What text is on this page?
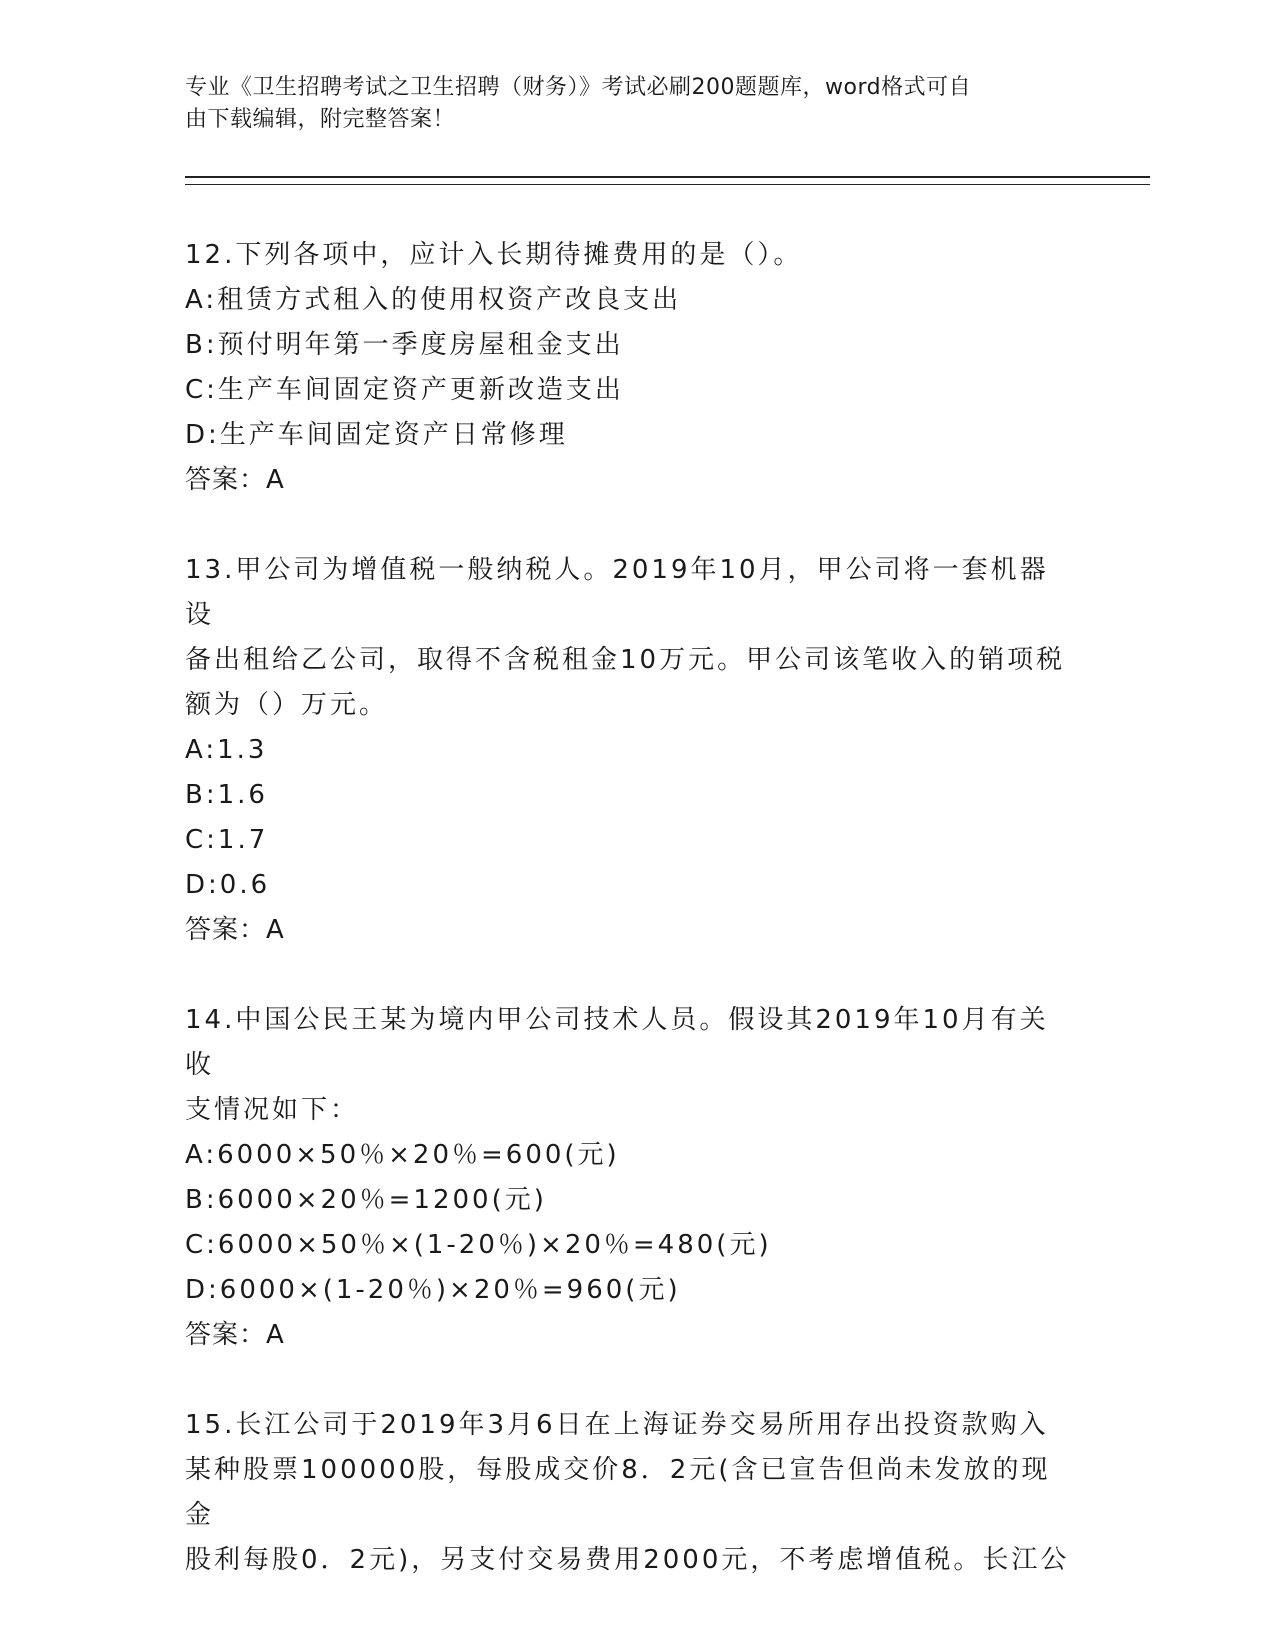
专业《卫生招聘考试之卫生招聘（财务）》考试必刷200题题库，word格式可自
由下载编辑，附完整答案！
12.下列各项中，应计入长期待摊费用的是（）。
A:租赁方式租入的使用权资产改良支出
B:预付明年第一季度房屋租金支出
C:生产车间固定资产更新改造支出
D:生产车间固定资产日常修理
答案：A
13.甲公司为增值税一般纳税人。2019年10月，甲公司将一套机器设
备出租给乙公司，取得不含税租金10万元。甲公司该笔收入的销项税
额为（）万元。
A:1.3
B:1.6
C:1.7
D:0.6
答案：A
14.中国公民王某为境内甲公司技术人员。假设其2019年10月有关收
支情况如下：
A:6000×50％×20％=600(元)
B:6000×20％=1200(元)
C:6000×50％×(1-20％)×20％=480(元)
D:6000×(1-20％)×20％=960(元)
答案：A
15.长江公司于2019年3月6日在上海证券交易所用存出投资款购入
某种股票100000股，每股成交价8．2元(含已宣告但尚未发放的现金
股利每股0．2元)，另支付交易费用2000元，不考虑增值税。长江公
